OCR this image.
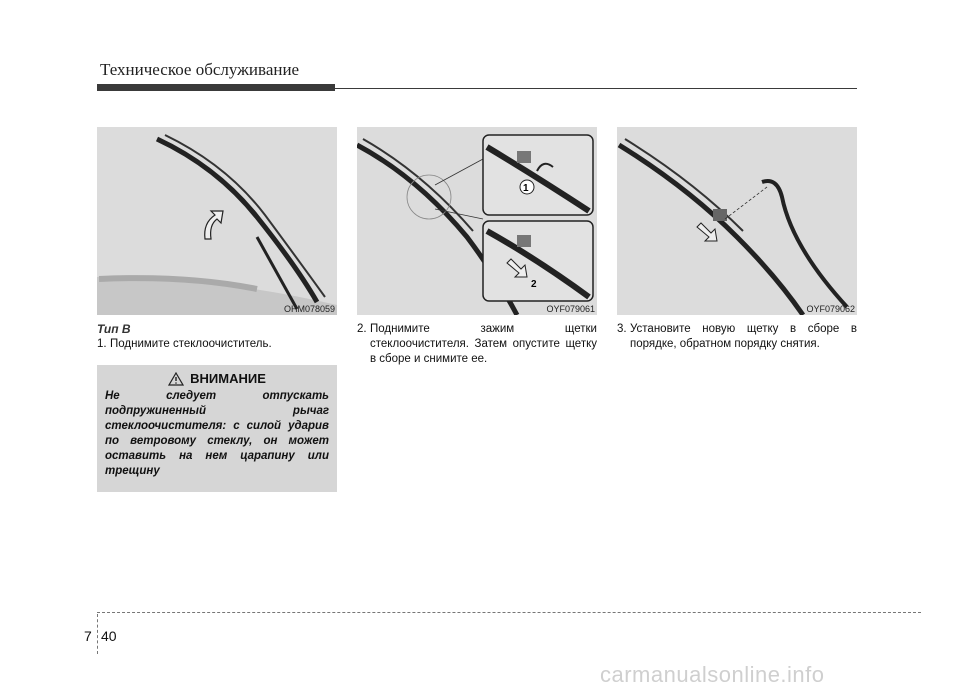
Техническое обслуживание
OHM078059
1
2
OYF079061	OYF079062
Тип B
1. Поднимите стеклоочиститель.
ВНИМАНИЕ
Не следует отпускать подпружиненный рычаг стеклоочистителя: с силой ударив по ветровому стеклу, он может оставить на нем царапину или трещину
2. Поднимите зажим щетки стеклоочистителя. Затем опустите щетку в сборе и снимите ее.
3. Установите новую щетку в сборе в порядке, обратном порядку снятия.
7 40
carmanualsonline.info
